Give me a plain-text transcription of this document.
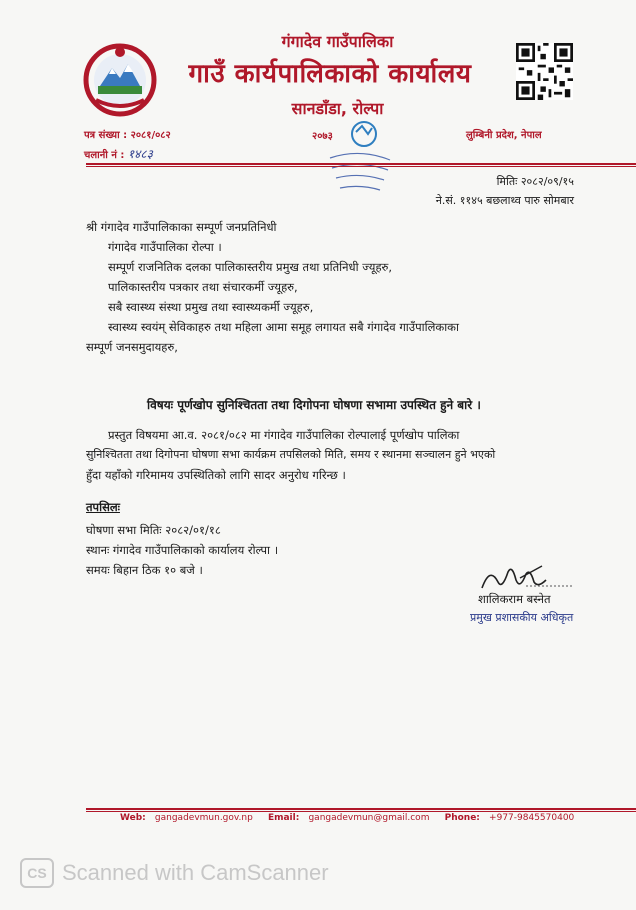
गंगादेव गाउँपालिका
गाउँ कार्यपालिकाको कार्यालय
सानडाँडा, रोल्पा
पत्र संख्या : २०८१/०८२
चलानी नं : १४८३
२०७३	लुम्बिनी प्रदेश, नेपाल
मितिः २०८२/०९/१५
ने.सं. ११४५ बछलाथ्व पारु सोमबार
श्री गंगादेव गाउँपालिकाका सम्पूर्ण जनप्रतिनिधी
गंगादेव गाउँपालिका रोल्पा ।
सम्पूर्ण राजनितिक दलका पालिकास्तरीय प्रमुख तथा प्रतिनिधी ज्यूहरु,
पालिकास्तरीय पत्रकार तथा संचारकर्मी ज्यूहरु,
सबै स्वास्थ्य संस्था प्रमुख तथा स्वास्थ्यकर्मी ज्यूहरु,
स्वास्थ्य स्वयंम् सेविकाहरु तथा महिला आमा समूह लगायत सबै गंगादेव गाउँपालिकाका
सम्पूर्ण जनसमुदायहरु,
विषयः पूर्णखोप सुनिश्चितता तथा दिगोपना घोषणा सभामा उपस्थित हुने बारे ।
प्रस्तुत विषयमा आ.व. २०८१/०८२ मा गंगादेव गाउँपालिका रोल्पालाई पूर्णखोप पालिका
सुनिश्चितता तथा दिगोपना घोषणा सभा कार्यक्रम तपसिलको मिति, समय र स्थानमा सञ्चालन हुने भएको
हुँदा यहाँको गरिमामय उपस्थितिको लागि सादर अनुरोध गरिन्छ ।
तपसिलः
घोषणा सभा मितिः २०८२/०१/१८
स्थानः गंगादेव गाउँपालिकाको कार्यालय रोल्पा ।
समयः बिहान ठिक १० बजे ।
शालिकराम बस्नेत
प्रमुख प्रशासकीय अधिकृत
Web: gangadevmun.gov.np Email: gangadevmun@gmail.com Phone: +977-9845570400
CS Scanned with CamScanner
